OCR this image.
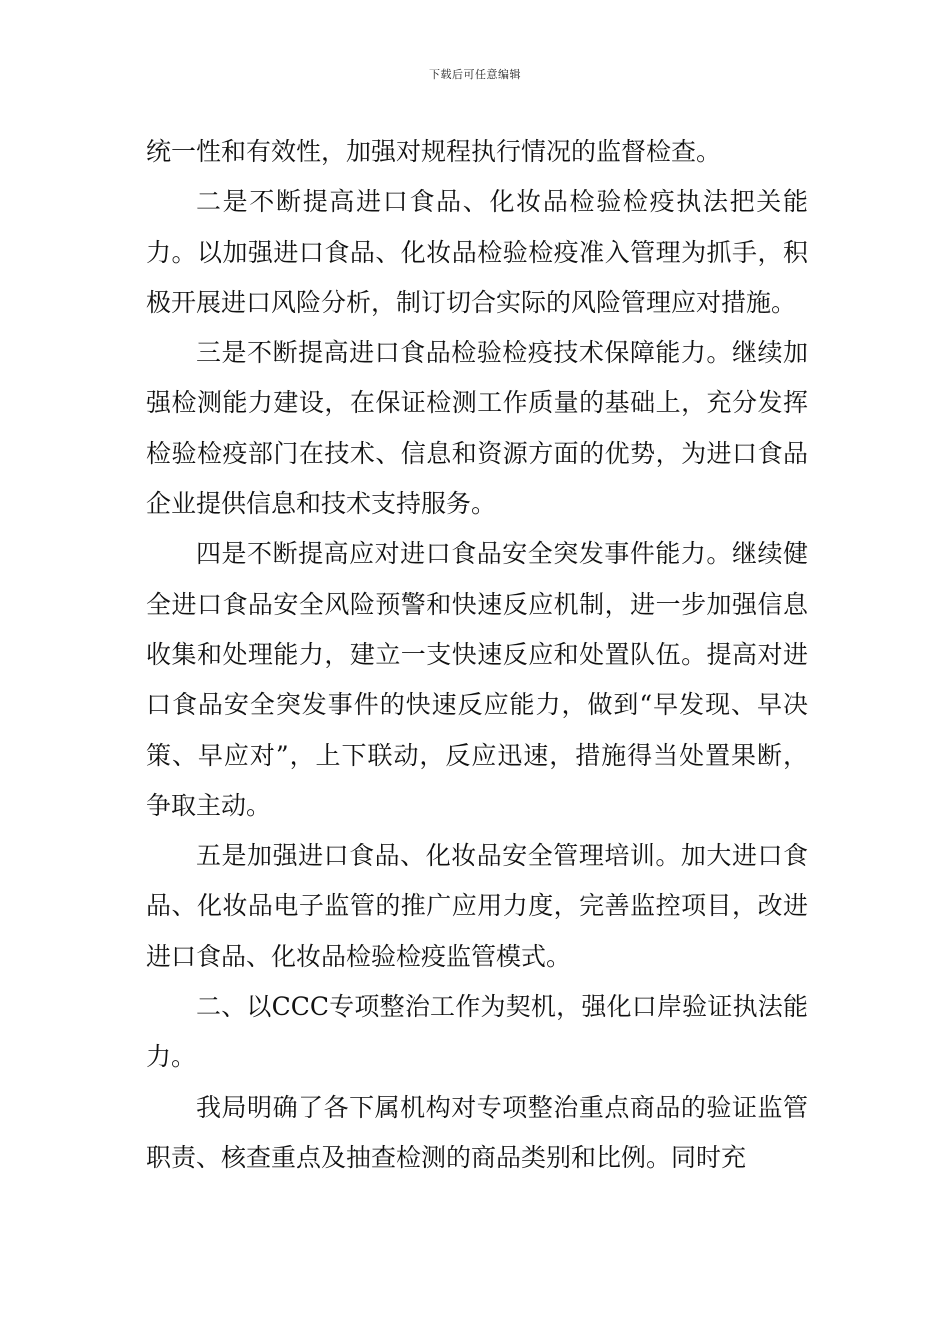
下载后可任意编辑

统一性和有效性，加强对规程执行情况的监督检查。

二是不断提高进口食品、化妆品检验检疫执法把关能力。以加强进口食品、化妆品检验检疫准入管理为抓手，积极开展进口风险分析，制订切合实际的风险管理应对措施。

三是不断提高进口食品检验检疫技术保障能力。继续加强检测能力建设，在保证检测工作质量的基础上，充分发挥检验检疫部门在技术、信息和资源方面的优势，为进口食品企业提供信息和技术支持服务。

四是不断提高应对进口食品安全突发事件能力。继续健全进口食品安全风险预警和快速反应机制，进一步加强信息收集和处理能力，建立一支快速反应和处置队伍。提高对进口食品安全突发事件的快速反应能力，做到“早发现、早决策、早应对”，上下联动，反应迅速，措施得当处置果断，争取主动。

五是加强进口食品、化妆品安全管理培训。加大进口食品、化妆品电子监管的推广应用力度，完善监控项目，改进进口食品、化妆品检验检疫监管模式。

二、以CCC专项整治工作为契机，强化口岸验证执法能力。

我局明确了各下属机构对专项整治重点商品的验证监管职责、核查重点及抽查检测的商品类别和比例。同时充
